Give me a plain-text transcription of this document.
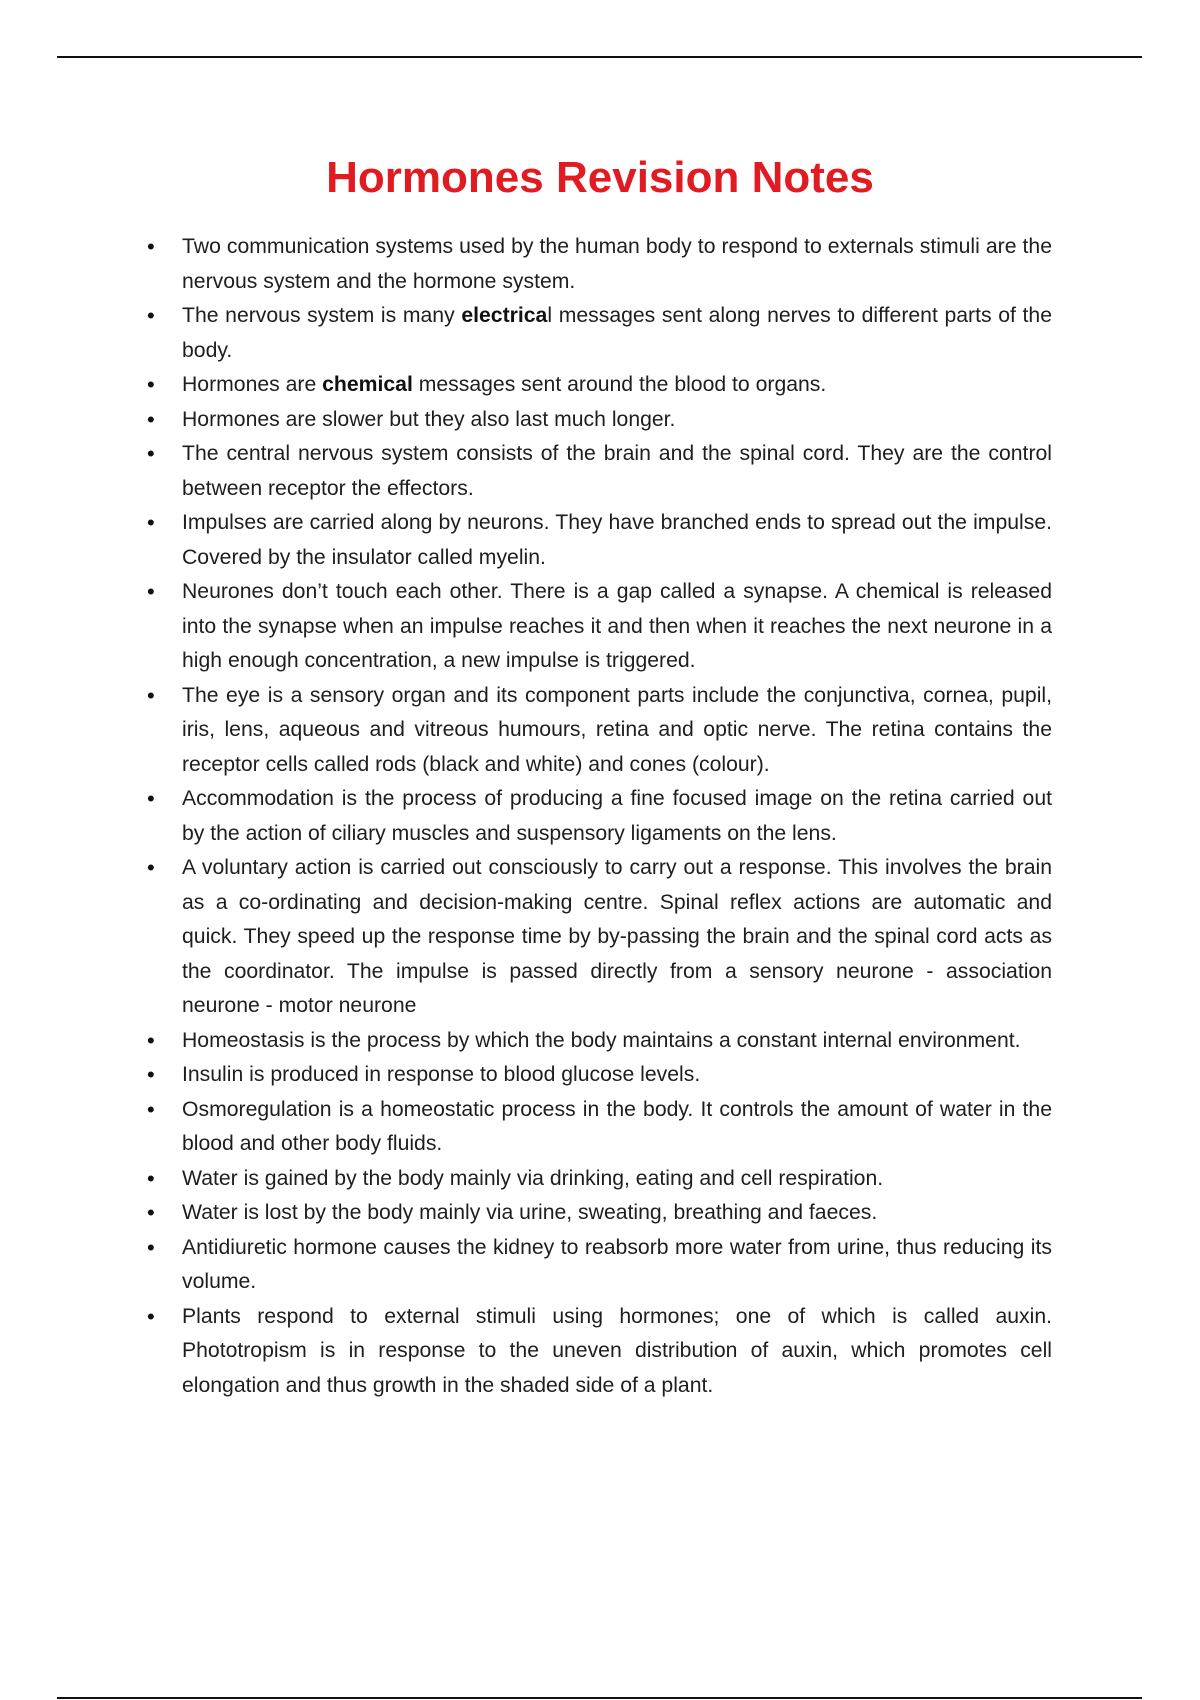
Hormones Revision Notes
• Two communication systems used by the human body to respond to externals stimuli are the nervous system and the hormone system.
• The nervous system is many electrical messages sent along nerves to different parts of the body.
• Hormones are chemical messages sent around the blood to organs.
• Hormones are slower but they also last much longer.
• The central nervous system consists of the brain and the spinal cord. They are the control between receptor the effectors.
• Impulses are carried along by neurons. They have branched ends to spread out the impulse. Covered by the insulator called myelin.
• Neurones don’t touch each other. There is a gap called a synapse. A chemical is released into the synapse when an impulse reaches it and then when it reaches the next neurone in a high enough concentration, a new impulse is triggered.
• The eye is a sensory organ and its component parts include the conjunctiva, cornea, pupil, iris, lens, aqueous and vitreous humours, retina and optic nerve. The retina contains the receptor cells called rods (black and white) and cones (colour).
• Accommodation is the process of producing a fine focused image on the retina carried out by the action of ciliary muscles and suspensory ligaments on the lens.
• A voluntary action is carried out consciously to carry out a response. This involves the brain as a co-ordinating and decision-making centre. Spinal reflex actions are automatic and quick. They speed up the response time by by-passing the brain and the spinal cord acts as the coordinator. The impulse is passed directly from a sensory neurone - association neurone - motor neurone
• Homeostasis is the process by which the body maintains a constant internal environment.
• Insulin is produced in response to blood glucose levels.
• Osmoregulation is a homeostatic process in the body. It controls the amount of water in the blood and other body fluids.
• Water is gained by the body mainly via drinking, eating and cell respiration.
• Water is lost by the body mainly via urine, sweating, breathing and faeces.
• Antidiuretic hormone causes the kidney to reabsorb more water from urine, thus reducing its volume.
• Plants respond to external stimuli using hormones; one of which is called auxin. Phototropism is in response to the uneven distribution of auxin, which promotes cell elongation and thus growth in the shaded side of a plant.
